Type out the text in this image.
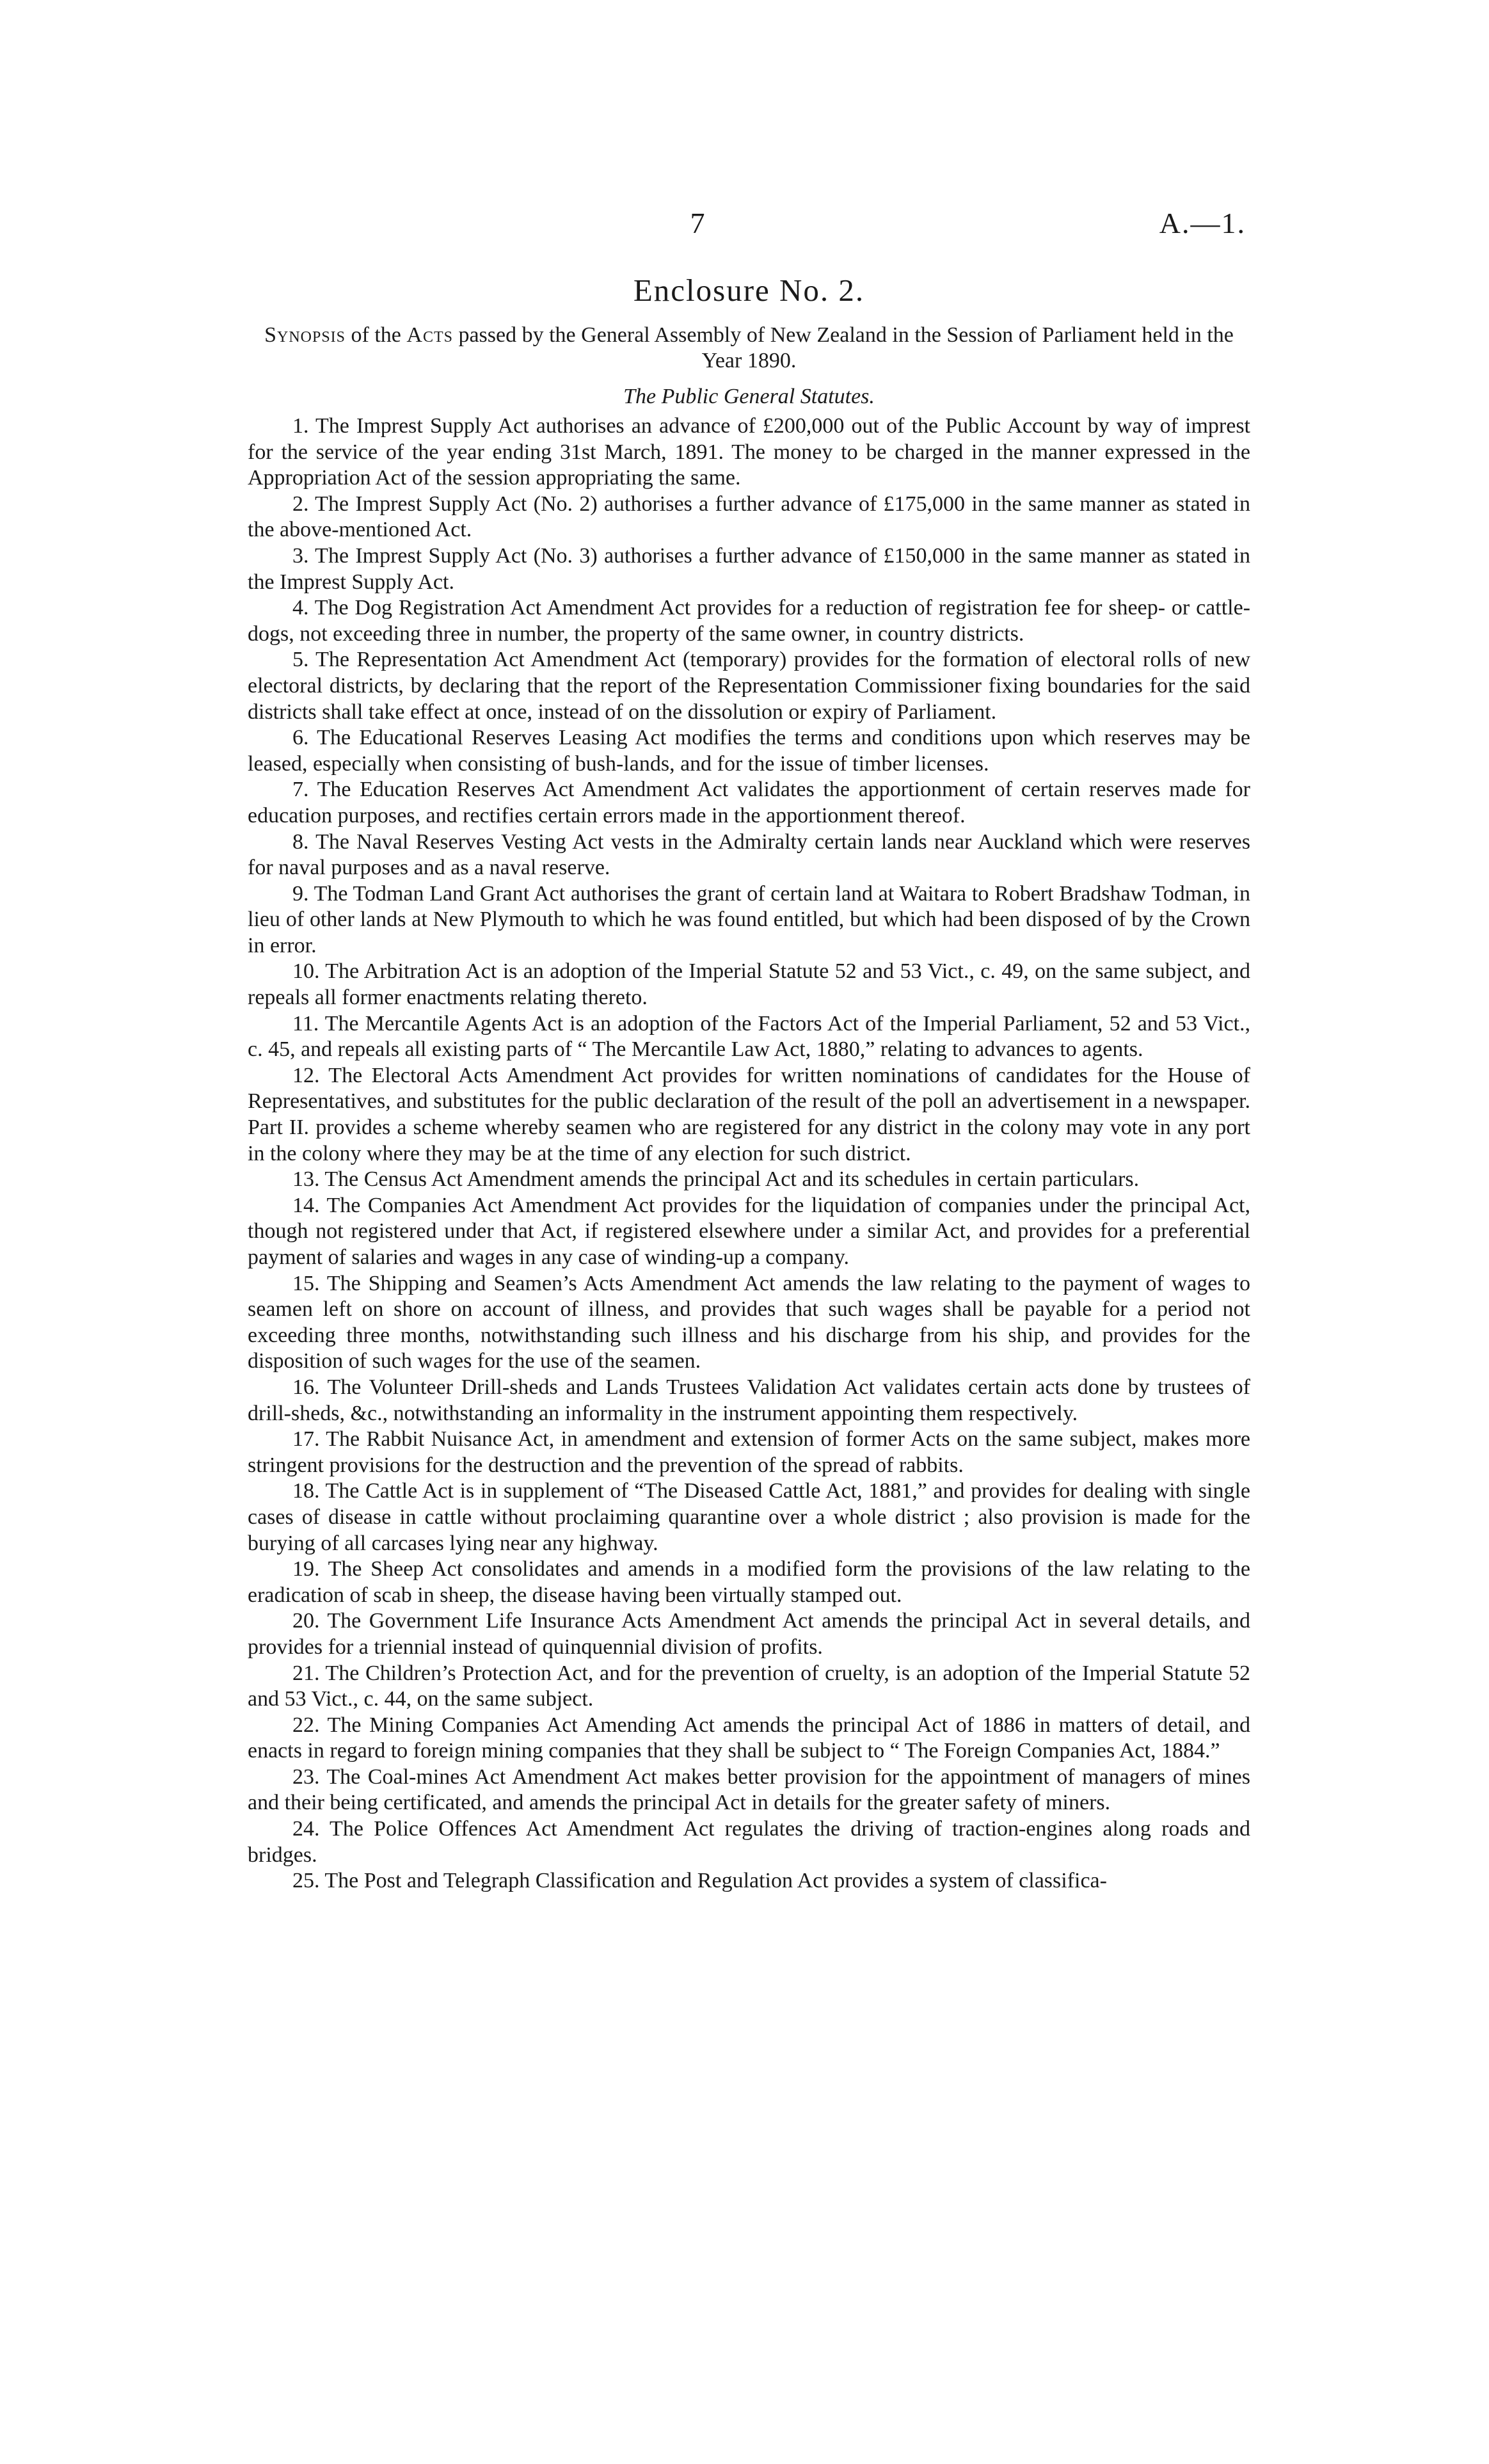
7	A.—1.
Enclosure No. 2.

Synopsis of the Acts passed by the General Assembly of New Zealand in the Session of Parliament held in the Year 1890.

The Public General Statutes.

1. The Imprest Supply Act authorises an advance of £200,000 out of the Public Account by way of imprest for the service of the year ending 31st March, 1891. The money to be charged in the manner expressed in the Appropriation Act of the session appropriating the same.

2. The Imprest Supply Act (No. 2) authorises a further advance of £175,000 in the same manner as stated in the above-mentioned Act.

3. The Imprest Supply Act (No. 3) authorises a further advance of £150,000 in the same manner as stated in the Imprest Supply Act.

4. The Dog Registration Act Amendment Act provides for a reduction of registration fee for sheep- or cattle-dogs, not exceeding three in number, the property of the same owner, in country districts.

5. The Representation Act Amendment Act (temporary) provides for the formation of electoral rolls of new electoral districts, by declaring that the report of the Representation Commissioner fixing boundaries for the said districts shall take effect at once, instead of on the dissolution or expiry of Parliament.

6. The Educational Reserves Leasing Act modifies the terms and conditions upon which reserves may be leased, especially when consisting of bush-lands, and for the issue of timber licenses.

7. The Education Reserves Act Amendment Act validates the apportionment of certain reserves made for education purposes, and rectifies certain errors made in the apportionment thereof.

8. The Naval Reserves Vesting Act vests in the Admiralty certain lands near Auckland which were reserves for naval purposes and as a naval reserve.

9. The Todman Land Grant Act authorises the grant of certain land at Waitara to Robert Bradshaw Todman, in lieu of other lands at New Plymouth to which he was found entitled, but which had been disposed of by the Crown in error.

10. The Arbitration Act is an adoption of the Imperial Statute 52 and 53 Vict., c. 49, on the same subject, and repeals all former enactments relating thereto.

11. The Mercantile Agents Act is an adoption of the Factors Act of the Imperial Parliament, 52 and 53 Vict., c. 45, and repeals all existing parts of “ The Mercantile Law Act, 1880,” relating to advances to agents.

12. The Electoral Acts Amendment Act provides for written nominations of candidates for the House of Representatives, and substitutes for the public declaration of the result of the poll an advertisement in a newspaper. Part II. provides a scheme whereby seamen who are registered for any district in the colony may vote in any port in the colony where they may be at the time of any election for such district.

13. The Census Act Amendment amends the principal Act and its schedules in certain particulars.

14. The Companies Act Amendment Act provides for the liquidation of companies under the principal Act, though not registered under that Act, if registered elsewhere under a similar Act, and provides for a preferential payment of salaries and wages in any case of winding-up a company.

15. The Shipping and Seamen’s Acts Amendment Act amends the law relating to the payment of wages to seamen left on shore on account of illness, and provides that such wages shall be payable for a period not exceeding three months, notwithstanding such illness and his discharge from his ship, and provides for the disposition of such wages for the use of the seamen.

16. The Volunteer Drill-sheds and Lands Trustees Validation Act validates certain acts done by trustees of drill-sheds, &c., notwithstanding an informality in the instrument appointing them respectively.

17. The Rabbit Nuisance Act, in amendment and extension of former Acts on the same subject, makes more stringent provisions for the destruction and the prevention of the spread of rabbits.

18. The Cattle Act is in supplement of “The Diseased Cattle Act, 1881,” and provides for dealing with single cases of disease in cattle without proclaiming quarantine over a whole district ; also provision is made for the burying of all carcases lying near any highway.

19. The Sheep Act consolidates and amends in a modified form the provisions of the law relating to the eradication of scab in sheep, the disease having been virtually stamped out.

20. The Government Life Insurance Acts Amendment Act amends the principal Act in several details, and provides for a triennial instead of quinquennial division of profits.

21. The Children’s Protection Act, and for the prevention of cruelty, is an adoption of the Imperial Statute 52 and 53 Vict., c. 44, on the same subject.

22. The Mining Companies Act Amending Act amends the principal Act of 1886 in matters of detail, and enacts in regard to foreign mining companies that they shall be subject to “ The Foreign Companies Act, 1884.”

23. The Coal-mines Act Amendment Act makes better provision for the appointment of managers of mines and their being certificated, and amends the principal Act in details for the greater safety of miners.

24. The Police Offences Act Amendment Act regulates the driving of traction-engines along roads and bridges.

25. The Post and Telegraph Classification and Regulation Act provides a system of classifica-
